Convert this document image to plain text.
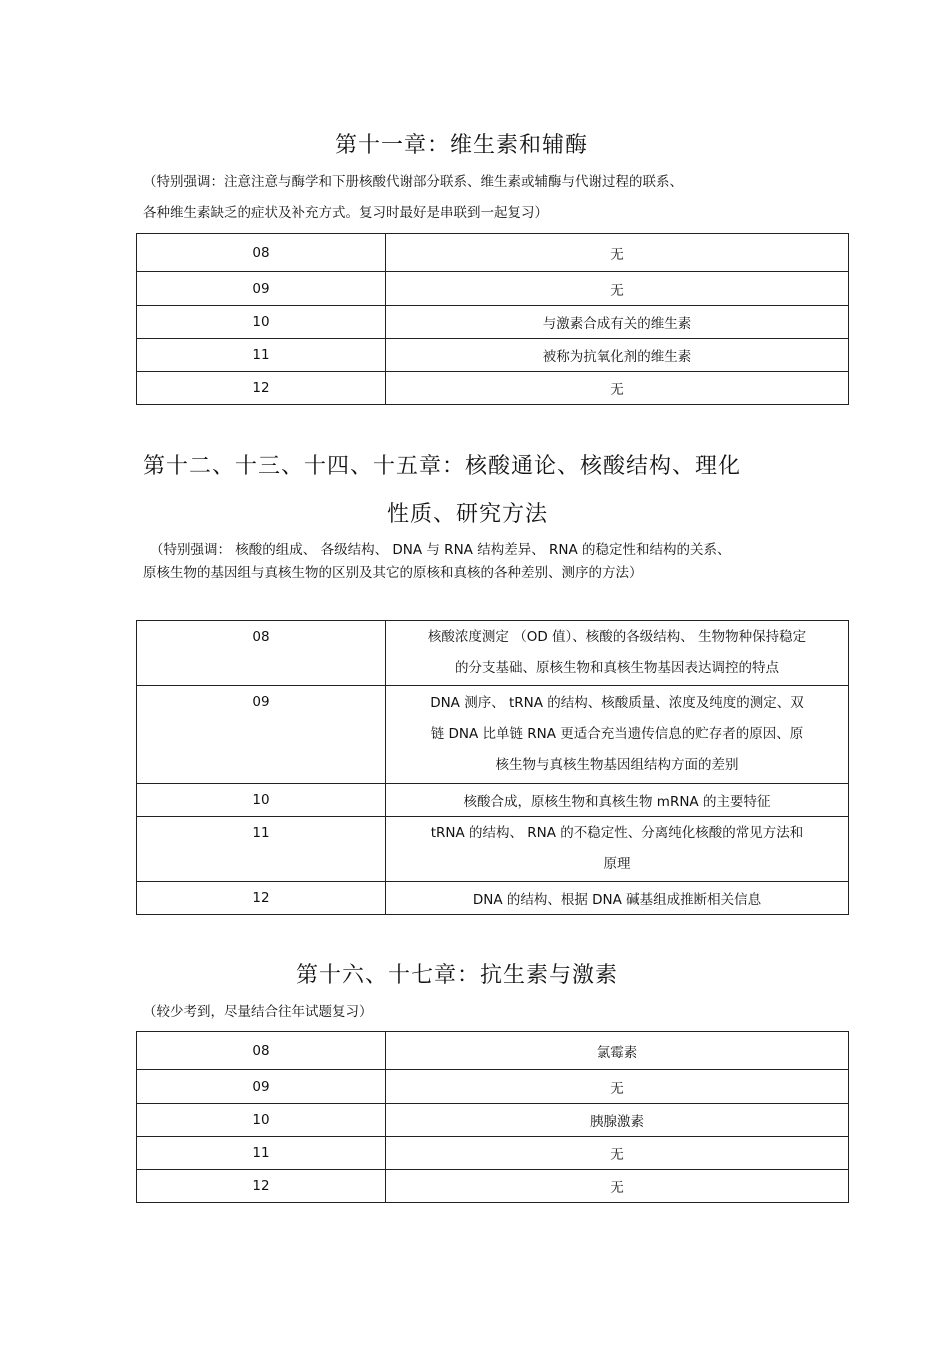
第十一章：维生素和辅酶
（特别强调：注意注意与酶学和下册核酸代谢部分联系、维生素或辅酶与代谢过程的联系、
各种维生素缺乏的症状及补充方式。复习时最好是串联到一起复习）
08	无
09	无
10	与激素合成有关的维生素
11	被称为抗氧化剂的维生素
12	无
第十二、十三、十四、十五章：核酸通论、核酸结构、理化
性质、研究方法
（特别强调： 核酸的组成、 各级结构、 DNA 与 RNA 结构差异、 RNA 的稳定性和结构的关系、
原核生物的基因组与真核生物的区别及其它的原核和真核的各种差别、测序的方法）
08	核酸浓度测定 （OD 值）、核酸的各级结构、 生物物种保持稳定
的分支基础、原核生物和真核生物基因表达调控的特点

09	DNA 测序、 tRNA 的结构、核酸质量、浓度及纯度的测定、双
链 DNA 比单链 RNA 更适合充当遗传信息的贮存者的原因、原
核生物与真核生物基因组结构方面的差别

10	核酸合成，原核生物和真核生物 mRNA 的主要特征
11	tRNA 的结构、 RNA 的不稳定性、分离纯化核酸的常见方法和
原理

12	DNA 的结构、根据 DNA 碱基组成推断相关信息
第十六、十七章：抗生素与激素
（较少考到，尽量结合往年试题复习）
08	氯霉素
09	无
10	胰腺激素
11	无
12	无
